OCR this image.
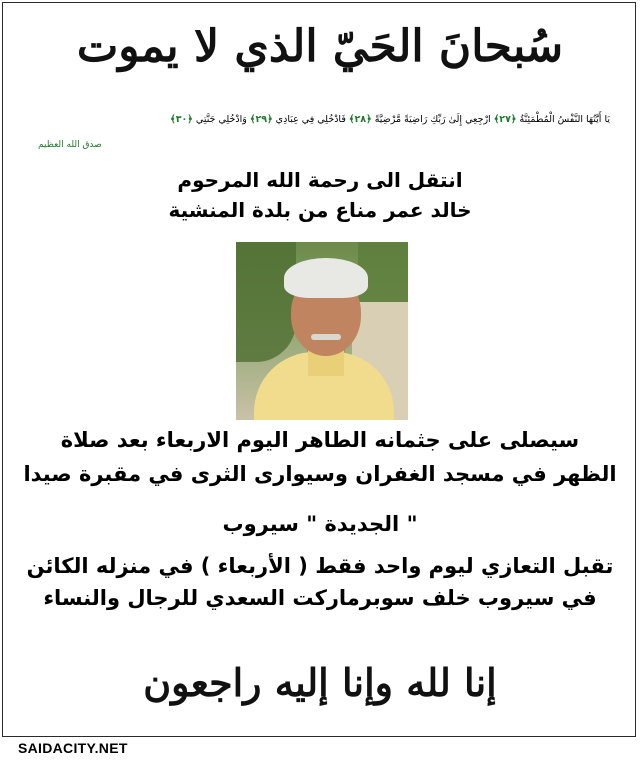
سُبحانَ الحَيّ الذي لا يموت
يَا أَيَّتُهَا النَّفْسُ الْمُطْمَئِنَّةُ ﴿٢٧﴾ ارْجِعِي إِلَىٰ رَبِّكِ رَاضِيَةً مَّرْضِيَّةً ﴿٢٨﴾ فَادْخُلِي فِي عِبَادِي ﴿٢٩﴾ وَادْخُلِي جَنَّتِي ﴿٣٠﴾
صدق الله العظيم
انتقل الى رحمة الله المرحوم
خالد عمر مناع من بلدة المنشية
سيصلى على جثمانه الطاهر اليوم الاربعاء بعد صلاة
الظهر في مسجد الغفران وسيوارى الثرى في مقبرة صيدا
" الجديدة " سيروب
تقبل التعازي ليوم واحد فقط ( الأربعاء ) في منزله الكائن
في سيروب خلف سوبرماركت السعدي للرجال والنساء
إنا لله وإنا إليه راجعون
SAIDACITY.NET
